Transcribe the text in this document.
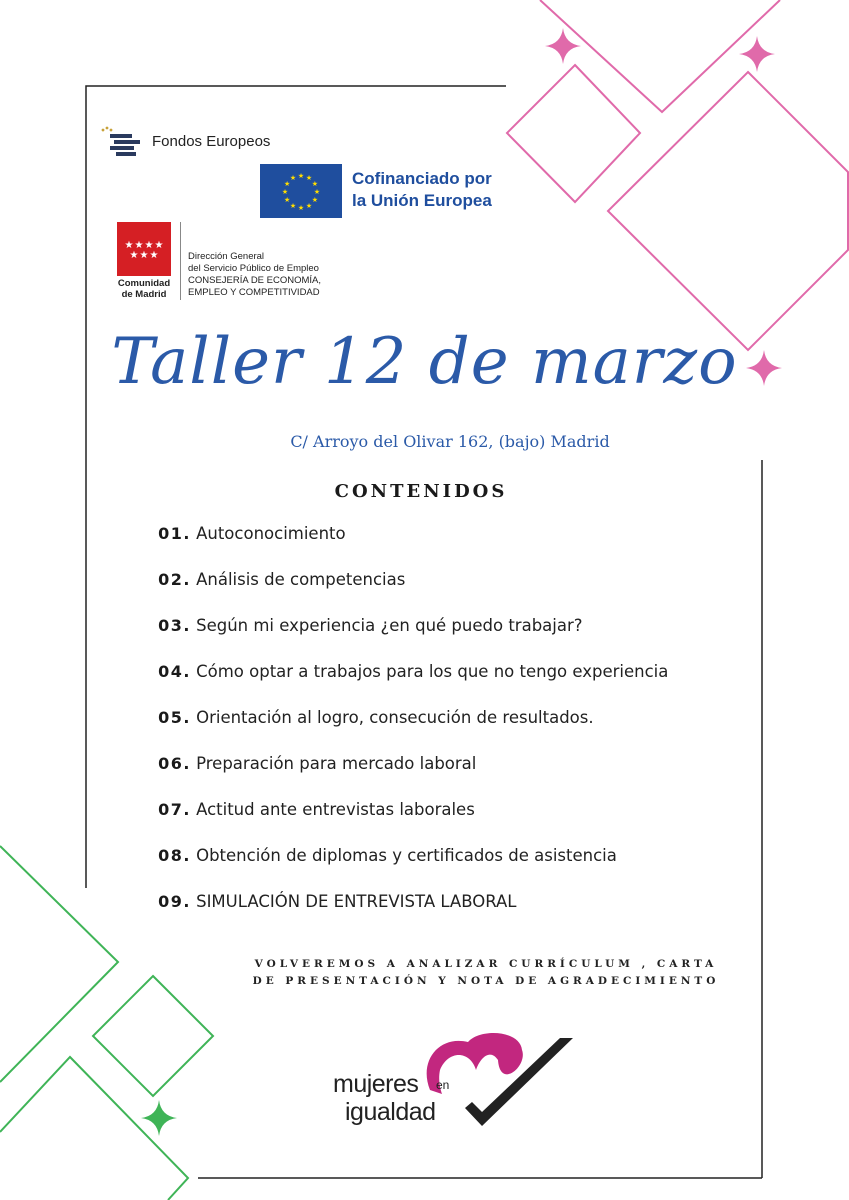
Fondos Europeos
★
★
★
★
★
★
★
★
★ ★ ★
★ Cofinanciado por
la Unión Europea
★ ★ ★ ★
★ ★ ★
Comunidad
de Madrid
Dirección General
del Servicio Público de Empleo
CONSEJERÍA DE ECONOMÍA,
EMPLEO Y COMPETITIVIDAD
Taller 12 de marzo
C/ Arroyo del Olivar 162, (bajo) Madrid
CONTENIDOS
01. Autoconocimiento
02. Análisis de competencias
03. Según mi experiencia ¿en qué puedo trabajar?
04. Cómo optar a trabajos para los que no tengo experiencia
05. Orientación al logro, consecución de resultados.
06. Preparación para mercado laboral
07. Actitud ante entrevistas laborales
08. Obtención de diplomas y certificados de asistencia
09. SIMULACIÓN DE ENTREVISTA LABORAL
VOLVEREMOS A ANALIZAR CURRÍCULUM , CARTA
DE PRESENTACIÓN Y NOTA DE AGRADECIMIENTO
mujeres en
igualdad
